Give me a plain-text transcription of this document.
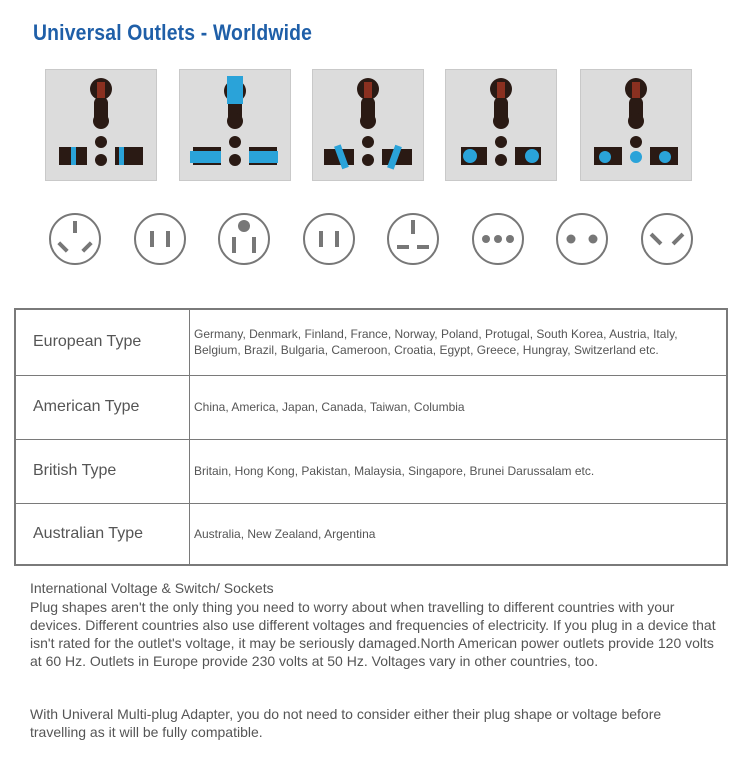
Universal Outlets - Worldwide
European Type	Germany, Denmark, Finland, France, Norway, Poland, Protugal, South Korea, Austria, Italy, Belgium, Brazil, Bulgaria, Cameroon, Croatia, Egypt, Greece, Hungray, Switzerland etc.
American Type	China, America, Japan, Canada, Taiwan, Columbia
British Type	Britain, Hong Kong, Pakistan, Malaysia, Singapore, Brunei Darussalam etc.
Australian Type	Australia, New Zealand, Argentina
International Voltage & Switch/ Sockets

Plug shapes aren't the only thing you need to worry about when travelling to different countries with your devices. Different countries also use different voltages and frequencies of electricity. If you plug in a device that isn't rated for the outlet's voltage, it may be seriously damaged.North American power outlets provide 120 volts at 60 Hz. Outlets in Europe provide 230 volts at 50 Hz. Voltages vary in other countries, too.

With Univeral Multi-plug Adapter, you do not need to consider either their plug shape or voltage before travelling as it will be fully compatible.
